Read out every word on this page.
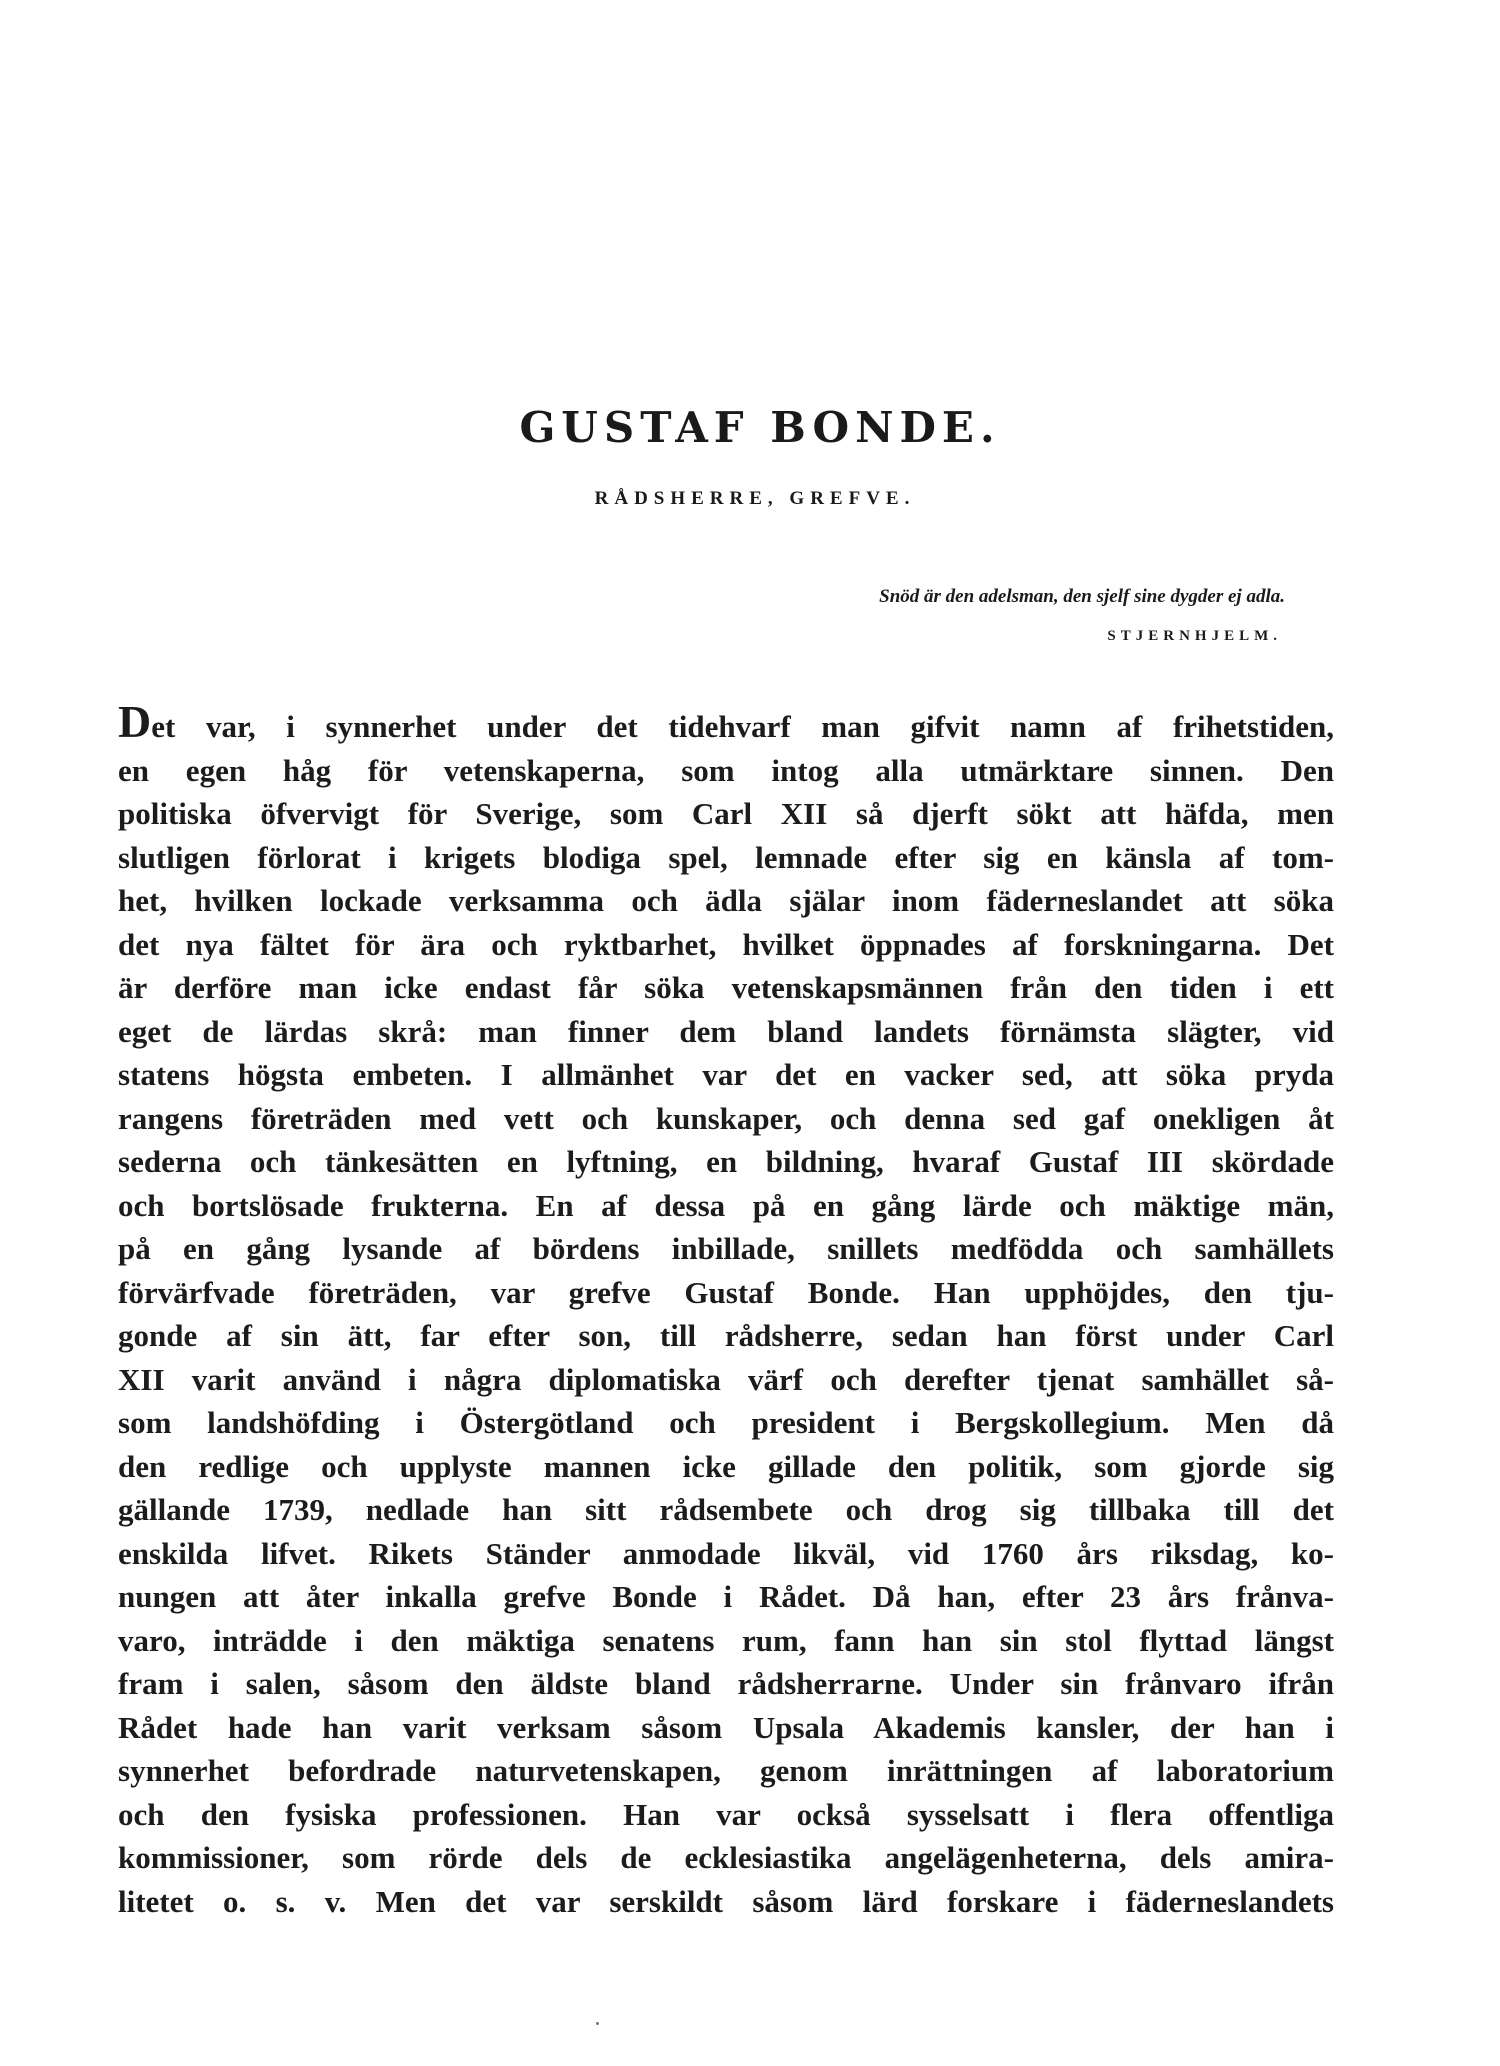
GUSTAF BONDE.
RÅDSHERRE, GREFVE.
Snöd är den adelsman, den sjelf sine dygder ej adla.
STJERNHJELM.
Det var, i synnerhet under det tidehvarf man gifvit namn af frihetstiden,
en egen håg för vetenskaperna, som intog alla utmärktare sinnen. Den
politiska öfvervigt för Sverige, som Carl XII så djerft sökt att häfda, men
slutligen förlorat i krigets blodiga spel, lemnade efter sig en känsla af tom-
het, hvilken lockade verksamma och ädla själar inom fäderneslandet att söka
det nya fältet för ära och ryktbarhet, hvilket öppnades af forskningarna. Det
är derföre man icke endast får söka vetenskapsmännen från den tiden i ett
eget de lärdas skrå: man finner dem bland landets förnämsta slägter, vid
statens högsta embeten. I allmänhet var det en vacker sed, att söka pryda
rangens företräden med vett och kunskaper, och denna sed gaf onekligen åt
sederna och tänkesätten en lyftning, en bildning, hvaraf Gustaf III skördade
och bortslösade frukterna. En af dessa på en gång lärde och mäktige män,
på en gång lysande af bördens inbillade, snillets medfödda och samhällets
förvärfvade företräden, var grefve Gustaf Bonde. Han upphöjdes, den tju-
gonde af sin ätt, far efter son, till rådsherre, sedan han först under Carl
XII varit använd i några diplomatiska värf och derefter tjenat samhället så-
som landshöfding i Östergötland och president i Bergskollegium. Men då
den redlige och upplyste mannen icke gillade den politik, som gjorde sig
gällande 1739, nedlade han sitt rådsembete och drog sig tillbaka till det
enskilda lifvet. Rikets Ständer anmodade likväl, vid 1760 års riksdag, ko-
nungen att åter inkalla grefve Bonde i Rådet. Då han, efter 23 års frånva-
varo, inträdde i den mäktiga senatens rum, fann han sin stol flyttad längst
fram i salen, såsom den äldste bland rådsherrarne. Under sin frånvaro ifrån
Rådet hade han varit verksam såsom Upsala Akademis kansler, der han i
synnerhet befordrade naturvetenskapen, genom inrättningen af laboratorium
och den fysiska professionen. Han var också sysselsatt i flera offentliga
kommissioner, som rörde dels de ecklesiastika angelägenheterna, dels amira-
litetet o. s. v. Men det var serskildt såsom lärd forskare i fäderneslandets
